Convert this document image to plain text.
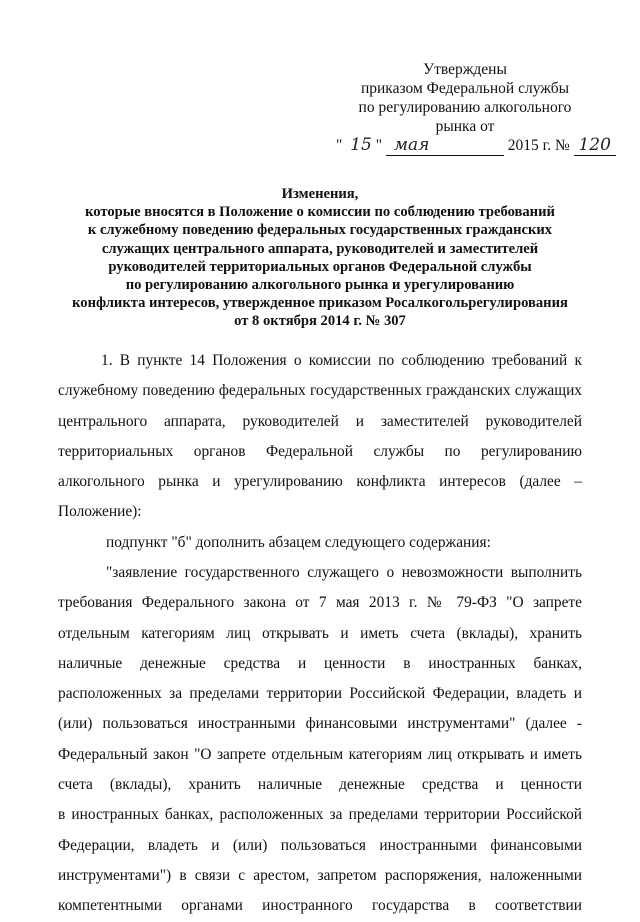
Утверждены
приказом Федеральной службы
по регулированию алкогольного
рынка от
" 15 " мая	2015 г. № 120
Изменения,
которые вносятся в Положение о комиссии по соблюдению требований
к служебному поведению федеральных государственных гражданских
служащих центрального аппарата, руководителей и заместителей
руководителей территориальных органов Федеральной службы
по регулированию алкогольного рынка и урегулированию
конфликта интересов, утвержденное приказом Росалкогольрегулирования
от 8 октября 2014 г. № 307
1. В пункте 14 Положения о комиссии по соблюдению требований к
служебному поведению федеральных государственных гражданских служащих
центрального аппарата, руководителей и заместителей руководителей
территориальных органов Федеральной службы по регулированию
алкогольного рынка и урегулированию конфликта интересов (далее –
Положение):
подпункт "б" дополнить абзацем следующего содержания:
"заявление государственного служащего о невозможности выполнить
требования Федерального закона от 7 мая 2013 г. № 79-ФЗ "О запрете
отдельным категориям лиц открывать и иметь счета (вклады), хранить
наличные денежные средства и ценности в иностранных банках,
расположенных за пределами территории Российской Федерации, владеть и
(или) пользоваться иностранными финансовыми инструментами" (далее -
Федеральный закон "О запрете отдельным категориям лиц открывать и иметь
счета (вклады), хранить наличные денежные средства и ценности
в иностранных банках, расположенных за пределами территории Российской
Федерации, владеть и (или) пользоваться иностранными финансовыми
инструментами") в связи с арестом, запретом распоряжения, наложенными
компетентными органами иностранного государства в соответствии
